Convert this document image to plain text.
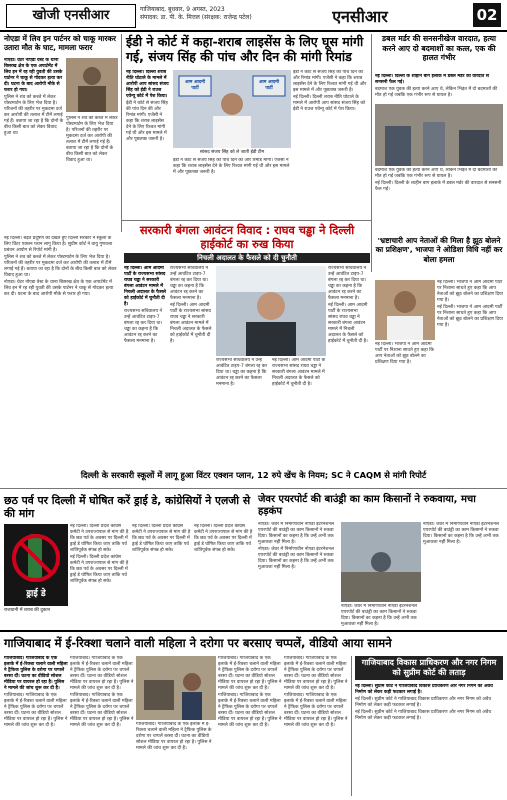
खोजी एनसीआर	गाजियाबाद, बुधवार, 9 अगस्त, 2023
संपादक: डा. पी. के. मित्तल (संरक्षक: राजेन्द्र पटेल)	एनसीआर	02
नोएडा में लिव इन पार्टनर को चाकू मारकर उतारा मौत के घाट, मामला फरार

नोएडा। ग्रेटर नोएडा वेस्ट के थाना बिसरख क्षेत्र के एक अपार्टमेंट में लिव इन में रह रही युवती की उसके पार्टनर ने चाकू से गोदकर हत्या कर दी। घटना के बाद आरोपी मौके से फरार हो गया।

पुलिस ने शव को कब्जे में लेकर पोस्टमार्टम के लिए भेज दिया है। परिजनों की तहरीर पर मुकदमा दर्ज कर आरोपी की तलाश में टीमें लगाई गई हैं। बताया जा रहा है कि दोनों के बीच किसी बात को लेकर विवाद हुआ था।

पुलिस ने शव को कब्जे में लेकर पोस्टमार्टम के लिए भेज दिया है। परिजनों की तहरीर पर मुकदमा दर्ज कर आरोपी की तलाश में टीमें लगाई गई हैं। बताया जा रहा है कि दोनों के बीच किसी बात को लेकर विवाद हुआ था।

ईडी ने कोर्ट में कहा-शराब लाइसेंस के लिए घूस मांगी गई, संजय सिंह की पांच और दिन की मांगी रिमांड

नई दिल्ली। दिल्ली शराब नीति घोटाले के मामले में आरोपी आप सांसद संजय सिंह को ईडी ने राउज एवेन्यू कोर्ट में पेश किया।

ईडी ने कोर्ट से संजय सिंह की पांच दिन की और रिमांड मांगी। एजेंसी ने कहा कि शराब लाइसेंस देने के लिए रिश्वत मांगी गई थी और इस मामले में और पूछताछ जरूरी है।

आम आदमी पार्टी
आम आदमी पार्टी

ईडी ने कोर्ट से संजय सिंह की पांच दिन की और रिमांड मांगी। एजेंसी ने कहा कि शराब लाइसेंस देने के लिए रिश्वत मांगी गई थी और इस मामले में और पूछताछ जरूरी है।

नई दिल्ली। दिल्ली शराब नीति घोटाले के मामले में आरोपी आप सांसद संजय सिंह को ईडी ने राउज एवेन्यू कोर्ट में पेश किया।

सांसद संजय सिंह को ले जाती ईडी टीम

ईडी ने कोर्ट से संजय सिंह की पांच दिन की और रिमांड मांगी। एजेंसी ने कहा कि शराब लाइसेंस देने के लिए रिश्वत मांगी गई थी और इस मामले में और पूछताछ जरूरी है।

डबल मर्डर की सनसनीखेज वारदात, हत्या करने आए दो बदमाशों का कत्ल, एक की हालत गंभीर

नई दिल्ली। दिल्ली के शाहीन बाग इलाके में डबल मर्डर की वारदात से सनसनी फैल गई।

बदमाश एक युवक की हत्या करने आए थे, लेकिन भिड़ंत में दो बदमाशों की मौत हो गई जबकि एक गंभीर रूप से घायल है।

बदमाश एक युवक की हत्या करने आए थे, लेकिन भिड़ंत में दो बदमाशों की मौत हो गई जबकि एक गंभीर रूप से घायल है।

नई दिल्ली। दिल्ली के शाहीन बाग इलाके में डबल मर्डर की वारदात से सनसनी फैल गई।

सरकारी बंगला आवंटन विवाद : राघव चड्ढा ने दिल्ली हाईकोर्ट का रुख किया
निचली अदालत के फैसले को दी चुनौती

नई दिल्ली। आम आदमी पार्टी के राज्यसभा सांसद राघव चड्ढा ने सरकारी बंगला आवंटन मामले में निचली अदालत के फैसले को हाईकोर्ट में चुनौती दी है।

राज्यसभा सचिवालय ने उन्हें आवंटित टाइप-7 बंगला रद्द कर दिया था। चड्ढा का कहना है कि आवंटन रद्द करने का फैसला मनमाना है।

राज्यसभा सचिवालय ने उन्हें आवंटित टाइप-7 बंगला रद्द कर दिया था। चड्ढा का कहना है कि आवंटन रद्द करने का फैसला मनमाना है।

नई दिल्ली। आम आदमी पार्टी के राज्यसभा सांसद राघव चड्ढा ने सरकारी बंगला आवंटन मामले में निचली अदालत के फैसले को हाईकोर्ट में चुनौती दी है।

राज्यसभा सचिवालय ने उन्हें आवंटित टाइप-7 बंगला रद्द कर दिया था। चड्ढा का कहना है कि आवंटन रद्द करने का फैसला मनमाना है।

नई दिल्ली। आम आदमी पार्टी के राज्यसभा सांसद राघव चड्ढा ने सरकारी बंगला आवंटन मामले में निचली अदालत के फैसले को हाईकोर्ट में चुनौती दी है।

राज्यसभा सचिवालय ने उन्हें आवंटित टाइप-7 बंगला रद्द कर दिया था। चड्ढा का कहना है कि आवंटन रद्द करने का फैसला मनमाना है।

नई दिल्ली। आम आदमी पार्टी के राज्यसभा सांसद राघव चड्ढा ने सरकारी बंगला आवंटन मामले में निचली अदालत के फैसले को हाईकोर्ट में चुनौती दी है।

'भ्रष्टाचारी आप नेताओं की मिला है झूठ बोलने का प्रशिक्षण', भाजपा ने ओडिशा विधि नहीं कर बोला हमला

नई दिल्ली। भाजपा ने आम आदमी पार्टी पर निशाना साधते हुए कहा कि आप नेताओं को झूठ बोलने का प्रशिक्षण दिया गया है।

नई दिल्ली। भाजपा ने आम आदमी पार्टी पर निशाना साधते हुए कहा कि आप नेताओं को झूठ बोलने का प्रशिक्षण दिया गया है।

नई दिल्ली। भाजपा ने आम आदमी पार्टी पर निशाना साधते हुए कहा कि आप नेताओं को झूठ बोलने का प्रशिक्षण दिया गया है।

दिल्ली के सरकारी स्कूलों में लागू हुआ विंटर एक्शन प्लान, 12 रुपे खेंच के नियम; SC ने CAQM से मांगी रिपोर्ट

नई दिल्ली। बढ़ते प्रदूषण को देखते हुए दिल्ली सरकार ने स्कूलों के लिए विंटर एक्शन प्लान लागू किया है। सुप्रीम कोर्ट ने वायु गुणवत्ता प्रबंधन आयोग से रिपोर्ट मांगी है।

पुलिस ने शव को कब्जे में लेकर पोस्टमार्टम के लिए भेज दिया है। परिजनों की तहरीर पर मुकदमा दर्ज कर आरोपी की तलाश में टीमें लगाई गई हैं। बताया जा रहा है कि दोनों के बीच किसी बात को लेकर विवाद हुआ था।

नोएडा। ग्रेटर नोएडा वेस्ट के थाना बिसरख क्षेत्र के एक अपार्टमेंट में लिव इन में रह रही युवती की उसके पार्टनर ने चाकू से गोदकर हत्या कर दी। घटना के बाद आरोपी मौके से फरार हो गया।

जेवर एयरपोर्ट की बाउंड्री का काम किसानों ने रुकवाया, मचा हड़कंप

नोएडा। जेवर में निर्माणाधीन नोएडा इंटरनेशनल एयरपोर्ट की बाउंड्री का काम किसानों ने रुकवा दिया। किसानों का कहना है कि उन्हें अभी तक मुआवजा नहीं मिला है।

नोएडा। जेवर में निर्माणाधीन नोएडा इंटरनेशनल एयरपोर्ट की बाउंड्री का काम किसानों ने रुकवा दिया। किसानों का कहना है कि उन्हें अभी तक मुआवजा नहीं मिला है।

नोएडा। जेवर में निर्माणाधीन नोएडा इंटरनेशनल एयरपोर्ट की बाउंड्री का काम किसानों ने रुकवा दिया। किसानों का कहना है कि उन्हें अभी तक मुआवजा नहीं मिला है।

नोएडा। जेवर में निर्माणाधीन नोएडा इंटरनेशनल एयरपोर्ट की बाउंड्री का काम किसानों ने रुकवा दिया। किसानों का कहना है कि उन्हें अभी तक मुआवजा नहीं मिला है।

छठ पर्व पर दिल्ली में घोषित करें ड्राई डे, कांग्रेसियों ने एलजी से की मांग
ड्राई डे
राजधानी में शराब की दुकान

नई दिल्ली। दिल्ली प्रदेश कांग्रेस कमेटी ने उपराज्यपाल से मांग की है कि छठ पर्व के अवसर पर दिल्ली में ड्राई डे घोषित किया जाए ताकि पर्व शांतिपूर्वक संपन्न हो सके।

नई दिल्ली। दिल्ली प्रदेश कांग्रेस कमेटी ने उपराज्यपाल से मांग की है कि छठ पर्व के अवसर पर दिल्ली में ड्राई डे घोषित किया जाए ताकि पर्व शांतिपूर्वक संपन्न हो सके।

नई दिल्ली। दिल्ली प्रदेश कांग्रेस कमेटी ने उपराज्यपाल से मांग की है कि छठ पर्व के अवसर पर दिल्ली में ड्राई डे घोषित किया जाए ताकि पर्व शांतिपूर्वक संपन्न हो सके।

नई दिल्ली। दिल्ली प्रदेश कांग्रेस कमेटी ने उपराज्यपाल से मांग की है कि छठ पर्व के अवसर पर दिल्ली में ड्राई डे घोषित किया जाए ताकि पर्व शांतिपूर्वक संपन्न हो सके।

गाजियाबाद में ई-रिक्शा चलाने वाली महिला ने दरोगा पर बरसाए चप्पलें, वीडियो आया सामने

गाजियाबाद। गाजियाबाद के एक इलाके में ई-रिक्शा चलाने वाली महिला ने ट्रैफिक पुलिस के दरोगा पर चप्पलें बरसा दीं। घटना का वीडियो सोशल मीडिया पर वायरल हो रहा है। पुलिस ने मामले की जांच शुरू कर दी है।

गाजियाबाद। गाजियाबाद के एक इलाके में ई-रिक्शा चलाने वाली महिला ने ट्रैफिक पुलिस के दरोगा पर चप्पलें बरसा दीं। घटना का वीडियो सोशल मीडिया पर वायरल हो रहा है। पुलिस ने मामले की जांच शुरू कर दी है।

गाजियाबाद। गाजियाबाद के एक इलाके में ई-रिक्शा चलाने वाली महिला ने ट्रैफिक पुलिस के दरोगा पर चप्पलें बरसा दीं। घटना का वीडियो सोशल मीडिया पर वायरल हो रहा है। पुलिस ने मामले की जांच शुरू कर दी है।

गाजियाबाद। गाजियाबाद के एक इलाके में ई-रिक्शा चलाने वाली महिला ने ट्रैफिक पुलिस के दरोगा पर चप्पलें बरसा दीं। घटना का वीडियो सोशल मीडिया पर वायरल हो रहा है। पुलिस ने मामले की जांच शुरू कर दी है।	गाजियाबाद। गाजियाबाद के एक इलाके में ई-रिक्शा चलाने वाली महिला ने ट्रैफिक पुलिस के दरोगा पर चप्पलें बरसा दीं। घटना का वीडियो सोशल मीडिया पर वायरल हो रहा है। पुलिस ने मामले की जांच शुरू कर दी है।

गाजियाबाद। गाजियाबाद के एक इलाके में ई-रिक्शा चलाने वाली महिला ने ट्रैफिक पुलिस के दरोगा पर चप्पलें बरसा दीं। घटना का वीडियो सोशल मीडिया पर वायरल हो रहा है। पुलिस ने मामले की जांच शुरू कर दी है।

गाजियाबाद। गाजियाबाद के एक इलाके में ई-रिक्शा चलाने वाली महिला ने ट्रैफिक पुलिस के दरोगा पर चप्पलें बरसा दीं। घटना का वीडियो सोशल मीडिया पर वायरल हो रहा है। पुलिस ने मामले की जांच शुरू कर दी है।

गाजियाबाद। गाजियाबाद के एक इलाके में ई-रिक्शा चलाने वाली महिला ने ट्रैफिक पुलिस के दरोगा पर चप्पलें बरसा दीं। घटना का वीडियो सोशल मीडिया पर वायरल हो रहा है। पुलिस ने मामले की जांच शुरू कर दी है।

गाजियाबाद। गाजियाबाद के एक इलाके में ई-रिक्शा चलाने वाली महिला ने ट्रैफिक पुलिस के दरोगा पर चप्पलें बरसा दीं। घटना का वीडियो सोशल मीडिया पर वायरल हो रहा है। पुलिस ने मामले की जांच शुरू कर दी है।

गाजियाबाद विकास प्राधिकरण और नगर निगम को सुप्रीम कोर्ट की लताड़

नई दिल्ली। सुप्रीम कोर्ट ने गाजियाबाद विकास प्राधिकरण और नगर निगम को अवैध निर्माण को लेकर कड़ी फटकार लगाई है।

नई दिल्ली। सुप्रीम कोर्ट ने गाजियाबाद विकास प्राधिकरण और नगर निगम को अवैध निर्माण को लेकर कड़ी फटकार लगाई है।

नई दिल्ली। सुप्रीम कोर्ट ने गाजियाबाद विकास प्राधिकरण और नगर निगम को अवैध निर्माण को लेकर कड़ी फटकार लगाई है।
